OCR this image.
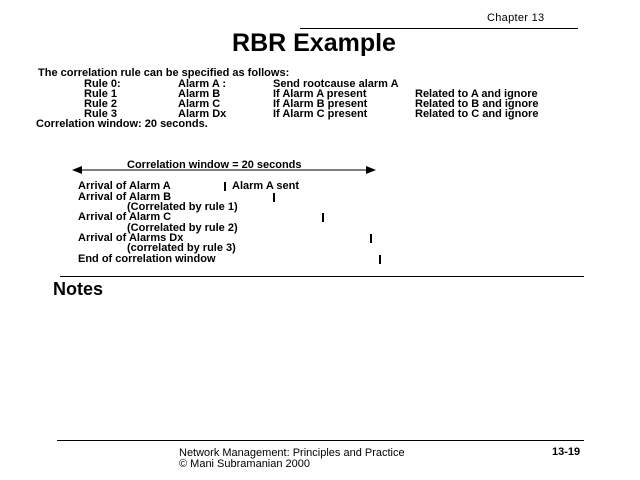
Chapter 13
RBR Example
The correlation rule can be specified as follows:
Rule 0:	Alarm A :	Send rootcause alarm A
Rule 1	Alarm B	If Alarm A present	Related to A and ignore
Rule 2	Alarm C	If Alarm B present	Related to B and ignore
Rule 3	Alarm Dx	If Alarm C present	Related to C and ignore
Correlation window: 20 seconds.
Correlation window = 20 seconds
Arrival of Alarm A	Alarm A sent
Arrival of Alarm B
(Correlated by rule 1)
Arrival of Alarm C
(Correlated by rule 2)
Arrival of Alarms Dx
(correlated by rule 3)
End of correlation window
Notes
Network Management: Principles and Practice
© Mani Subramanian 2000
13-19
